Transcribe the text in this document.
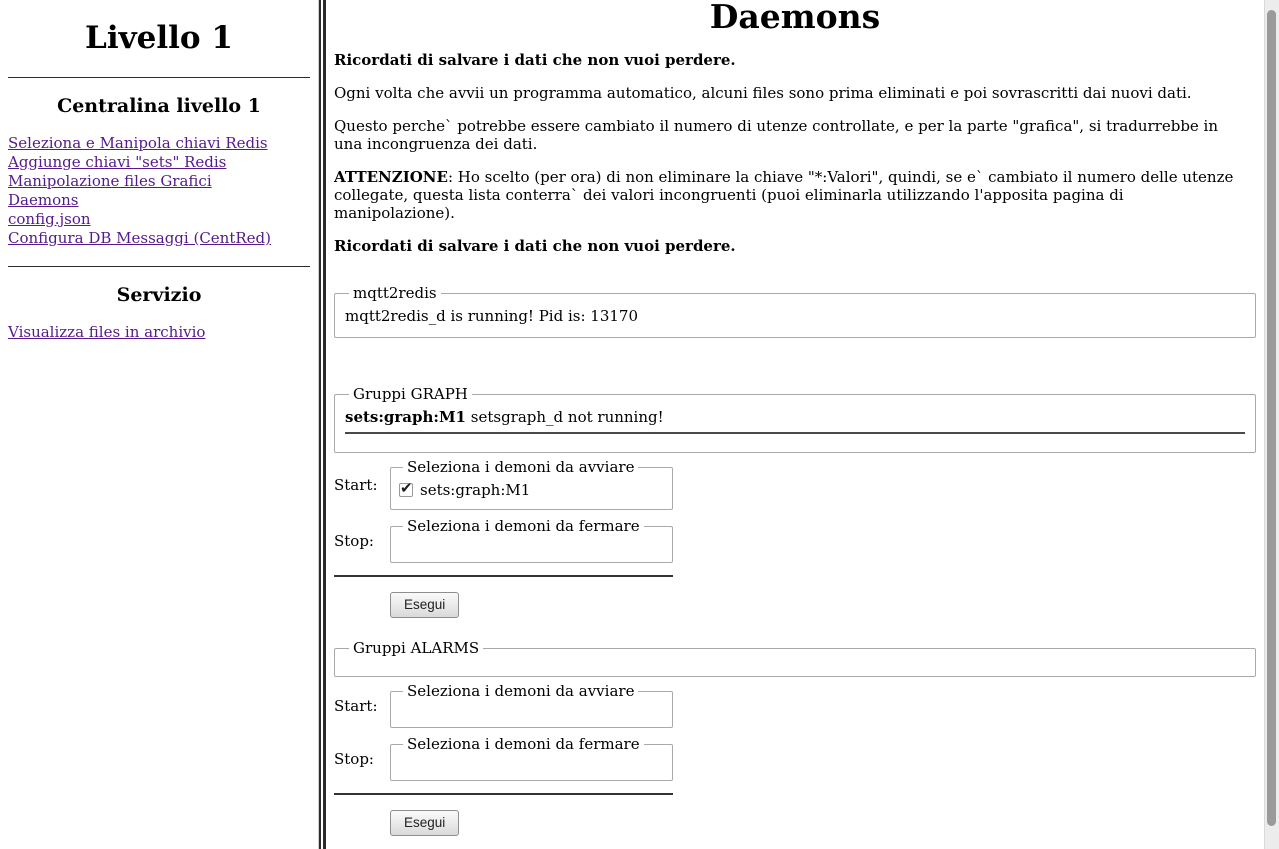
Livello 1
Centralina livello 1
Seleziona e Manipola chiavi Redis
Aggiunge chiavi "sets" Redis
Manipolazione files Grafici
Daemons
config.json
Configura DB Messaggi (CentRed)
Servizio
Visualizza files in archivio
Daemons

Ricordati di salvare i dati che non vuoi perdere.

Ogni volta che avvii un programma automatico, alcuni files sono prima eliminati e poi sovrascritti dai nuovi dati.

Questo perche` potrebbe essere cambiato il numero di utenze controllate, e per la parte "grafica", si tradurrebbe in una incongruenza dei dati.

ATTENZIONE: Ho scelto (per ora) di non eliminare la chiave "*:Valori", quindi, se e` cambiato il numero delle utenze collegate, questa lista conterra` dei valori incongruenti (puoi eliminarla utilizzando l'apposita pagina di manipolazione).

Ricordati di salvare i dati che non vuoi perdere.

mqtt2redis
mqtt2redis_d is running! Pid is: 13170
Gruppi GRAPH
sets:graph:M1 setsgraph_d not running!
Start:
Seleziona i demoni da avviare
✔ sets:graph:M1
Stop:
Seleziona i demoni da fermare
Esegui
Gruppi ALARMS
Start:
Seleziona i demoni da avviare
Stop:
Seleziona i demoni da fermare
Esegui
